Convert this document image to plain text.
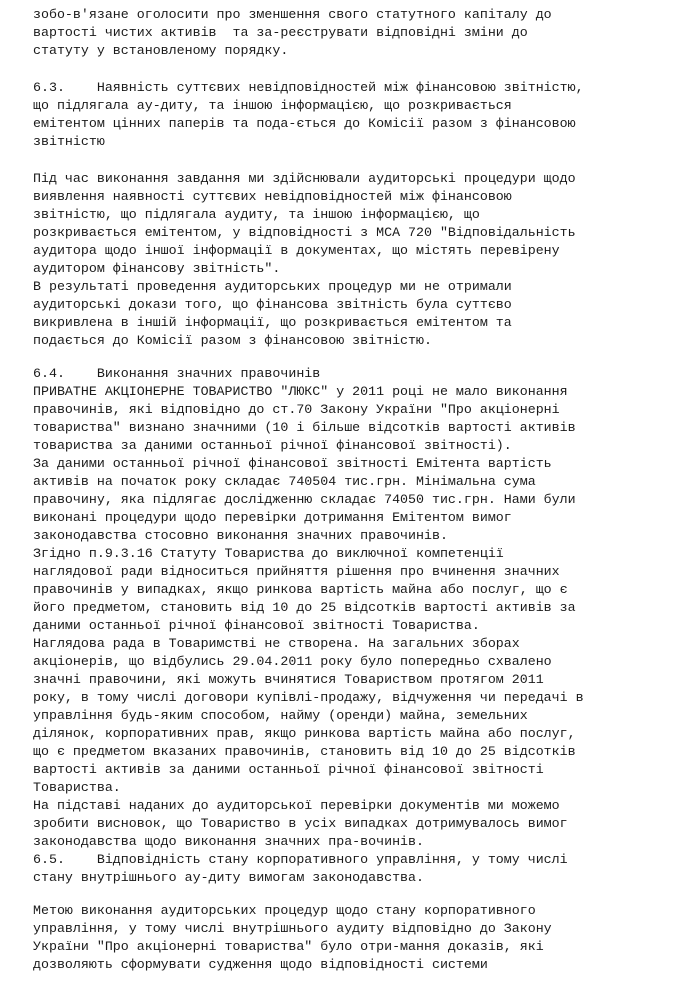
зобо-в'язане оголосити про зменшення свого статутного капіталу до
вартості чистих активів  та за-реєструвати відповідні зміни до
статуту у встановленому порядку.
6.3.    Наявність суттєвих невідповідностей між фінансовою звітністю,
що підлягала ау-диту, та іншою інформацією, що розкривається
емітентом цінних паперів та пода-ється до Комісії разом з фінансовою
звітністю
Під час виконання завдання ми здійснювали аудиторські процедури щодо
виявлення наявності суттєвих невідповідностей між фінансовою
звітністю, що підлягала аудиту, та іншою інформацією, що
розкривається емітентом, у відповідності з МСА 720 "Відповідальність
аудитора щодо іншої інформації в документах, що містять перевірену
аудитором фінансову звітність".
В результаті проведення аудиторських процедур ми не отримали
аудиторські докази того, що фінансова звітність була суттєво
викривлена в іншій інформації, що розкривається емітентом та
подається до Комісії разом з фінансовою звітністю.
6.4.    Виконання значних правочинів
ПРИВАТНЕ АКЦІОНЕРНЕ ТОВАРИСТВО "ЛЮКС" у 2011 році не мало виконання
правочинів, які відповідно до ст.70 Закону України "Про акціонерні
товариства" визнано значними (10 і більше відсотків вартості активів
товариства за даними останньої річної фінансової звітності).
За даними останньої річної фінансової звітності Емітента вартість
активів на початок року складає 740504 тис.грн. Мінімальна сума
правочину, яка підлягає дослідженню складає 74050 тис.грн. Нами були
виконані процедури щодо перевірки дотримання Емітентом вимог
законодавства стосовно виконання значних правочинів.
Згідно п.9.3.16 Статуту Товариства до виключної компетенції
наглядової ради відноситься прийняття рішення про вчинення значних
правочинів у випадках, якщо ринкова вартість майна або послуг, що є
його предметом, становить від 10 до 25 відсотків вартості активів за
даними останньої річної фінансової звітності Товариства.
Наглядова рада в Товаримстві не створена. На загальних зборах
акціонерів, що відбулись 29.04.2011 року було попередньо схвалено
значні правочини, які можуть вчинятися Товариством протягом 2011
року, в тому числі договори купівлі-продажу, відчуження чи передачі в
управління будь-яким способом, найму (оренди) майна, земельних
ділянок, корпоративних прав, якщо ринкова вартість майна або послуг,
що є предметом вказаних правочинів, становить від 10 до 25 відсотків
вартості активів за даними останньої річної фінансової звітності
Товариства.
На підставі наданих до аудиторської перевірки документів ми можемо
зробити висновок, що Товариство в усіх випадках дотримувалось вимог
законодавства щодо виконання значних пра-вочинів.
6.5.    Відповідність стану корпоративного управління, у тому числі
стану внутрішнього ау-диту вимогам законодавства.
Метою виконання аудиторських процедур щодо стану корпоративного
управління, у тому числі внутрішнього аудиту відповідно до Закону
України "Про акціонерні товариства" було отри-мання доказів, які
дозволяють сформувати судження щодо відповідності системи
